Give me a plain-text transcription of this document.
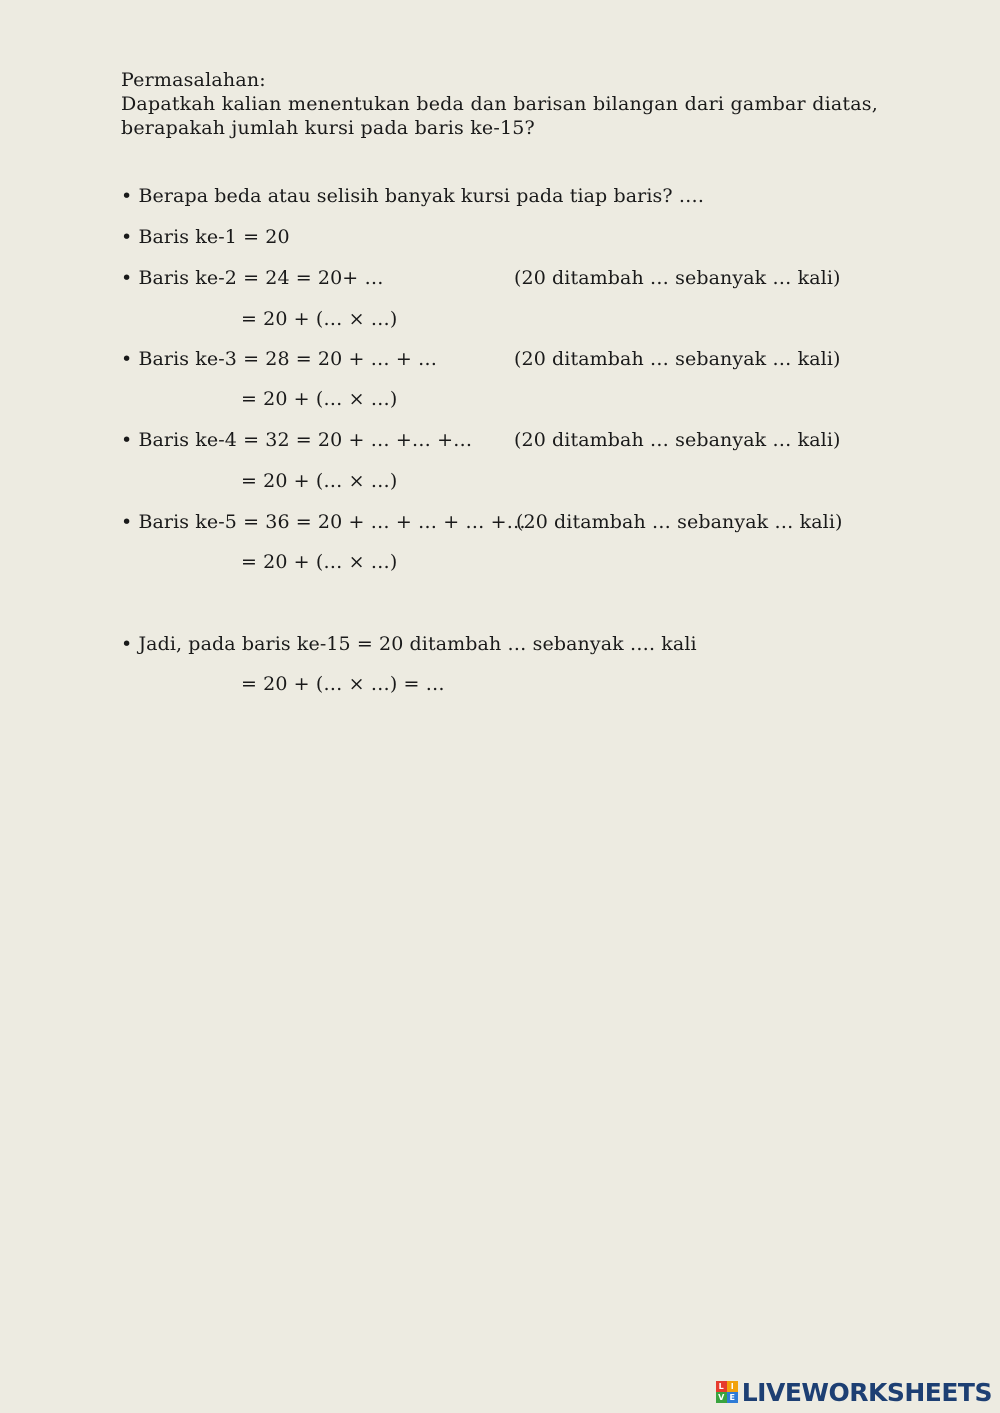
Permasalahan:
Dapatkah kalian menentukan beda dan barisan bilangan dari gambar diatas, berapakah jumlah kursi pada baris ke-15?
• Berapa beda atau selisih banyak kursi pada tiap baris? ….
• Baris ke-1 = 20
• Baris ke-2 = 24 = 20+ …	(20 ditambah … sebanyak … kali)
= 20 + (… × …)
• Baris ke-3 = 28 = 20 + … + …	(20 ditambah … sebanyak … kali)
= 20 + (… × …)
• Baris ke-4 = 32 = 20 + … +… +… (20 ditambah … sebanyak … kali)
= 20 + (… × …)
• Baris ke-5 = 36 = 20 + … + … + … +…
(20 ditambah … sebanyak … kali)
= 20 + (… × …)
• Jadi, pada baris ke-15 = 20 ditambah … sebanyak …. kali
= 20 + (… × …) = …
L I
V E LIVEWORKSHEETS
